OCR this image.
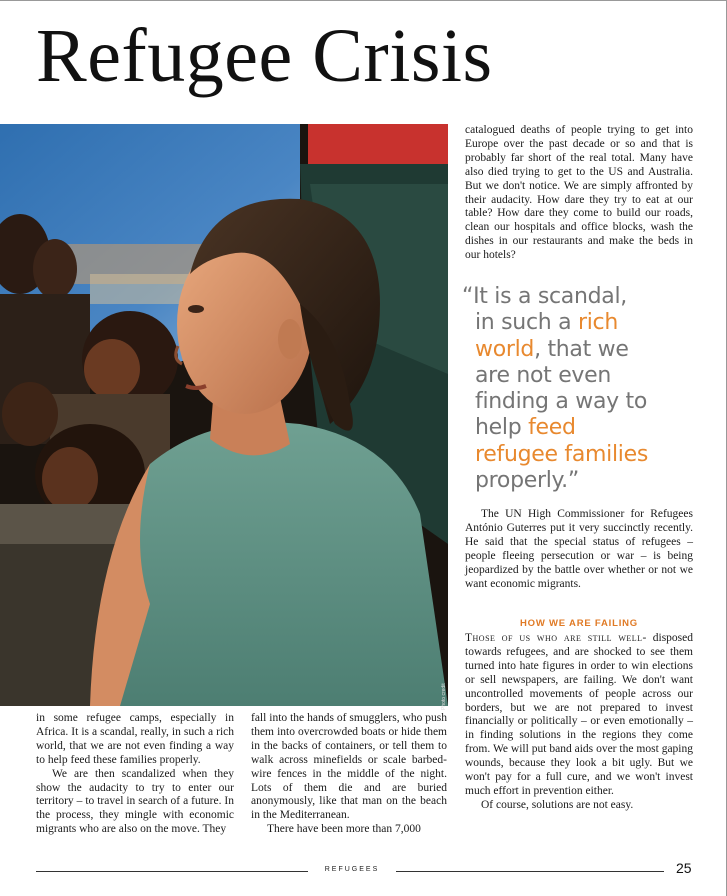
Refugee Crisis
Photo credit
catalogued deaths of people trying to get into Europe over the past decade or so and that is probably far short of the real total. Many have also died trying to get to the US and Australia. But we don't notice. We are simply affronted by their audacity. How dare they try to eat at our table? How dare they come to build our roads, clean our hospitals and office blocks, wash the dishes in our restaurants and make the beds in our hotels?
“It is a scandal,
in such a rich
world, that we
are not even
finding a way to
help feed
refugee families
properly.”

The UN High Commissioner for Refugees António Guterres put it very succinctly recently. He said that the special status of refugees – people fleeing persecution or war – is being jeopardized by the battle over whether or not we want economic migrants.

HOW WE ARE FAILING
Those of us who are still well- disposed towards refugees, and are shocked to see them turned into hate figures in order to win elections or sell newspapers, are failing. We don't want uncontrolled movements of people across our borders, but we are not prepared to invest financially or politically – or even emotionally – in finding solutions in the regions they come from. We will put band aids over the most gaping wounds, because they look a bit ugly. But we won't pay for a full cure, and we won't invest much effort in prevention either.

Of course, solutions are not easy.

in some refugee camps, especially in Africa. It is a scandal, really, in such a rich world, that we are not even finding a way to help feed these families properly.

We are then scandalized when they show the audacity to try to enter our territory – to travel in search of a future. In the process, they mingle with economic migrants who are also on the move. They

fall into the hands of smugglers, who push them into overcrowded boats or hide them in the backs of containers, or tell them to walk across minefields or scale barbed-wire fences in the middle of the night. Lots of them die and are buried anonymously, like that man on the beach in the Mediterranean.

There have been more than 7,000

REFUGEES	25
